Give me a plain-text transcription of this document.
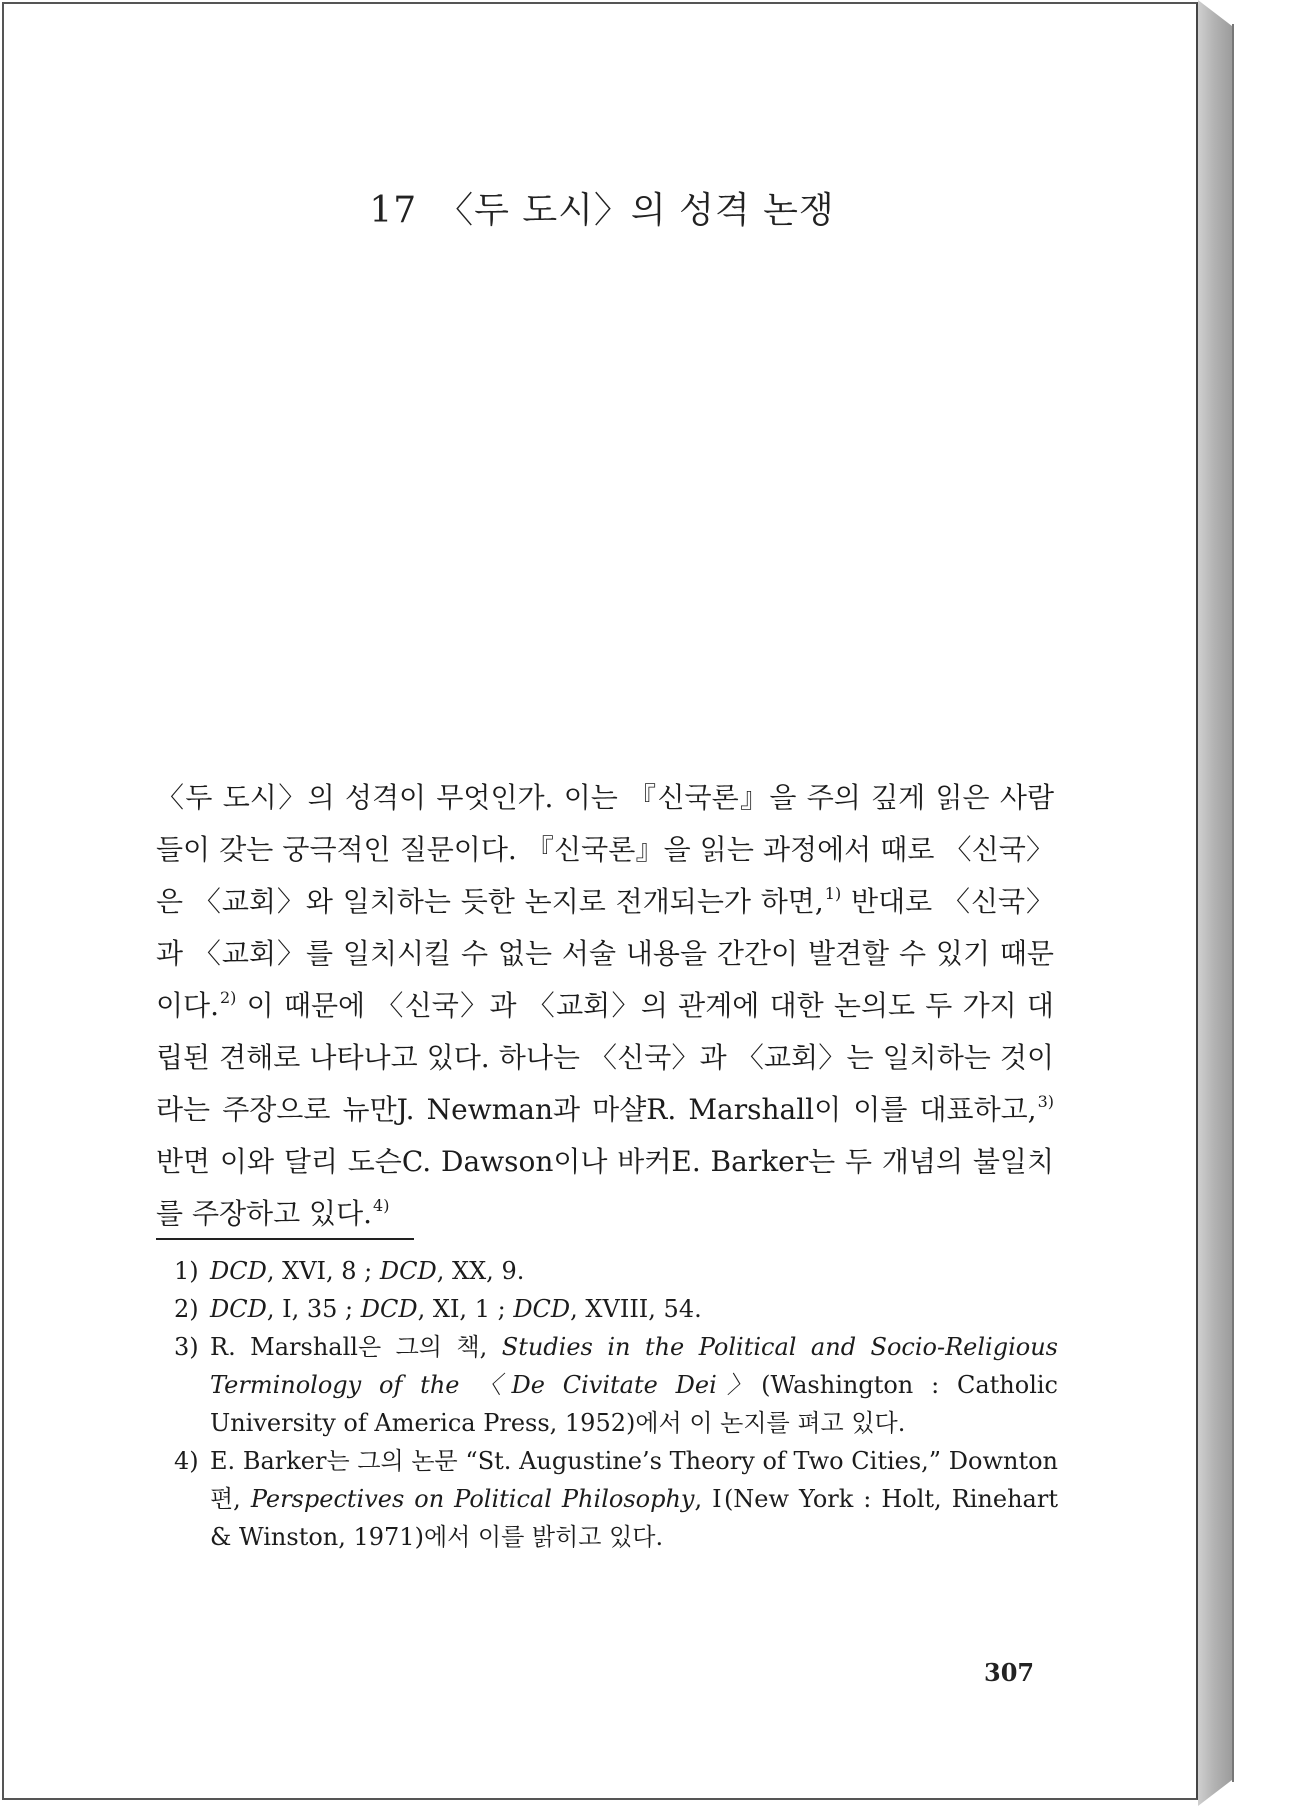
17 〈두 도시〉의 성격 논쟁
〈두 도시〉의 성격이 무엇인가. 이는 『신국론』을 주의 깊게 읽은 사람들이 갖는 궁극적인 질문이다. 『신국론』을 읽는 과정에서 때로 〈신국〉은 〈교회〉와 일치하는 듯한 논지로 전개되는가 하면,$^{1)}$ 반대로 〈신국〉과 〈교회〉를 일치시킬 수 없는 서술 내용을 간간이 발견할 수 있기 때문이다.$^{2)}$ 이 때문에 〈신국〉과 〈교회〉의 관계에 대한 논의도 두 가지 대립된 견해로 나타나고 있다. 하나는 〈신국〉과 〈교회〉는 일치하는 것이라는 주장으로 뉴만J. Newman과 마샬R. Marshall이 이를 대표하고,$^{3)}$ 반면 이와 달리 도슨C. Dawson이나 바커E. Barker는 두 개념의 불일치를 주장하고 있다.$^{4)}$
1) DCD, XVI, 8 ; DCD, XX, 9.
2) DCD, Ⅰ, 35 ; DCD, XI, 1 ; DCD, XVIII, 54.
3) R. Marshall은 그의 책, Studies in the Political and Socio-Religious Terminology of the 〈De Civitate Dei〉(Washington : Catholic University of America Press, 1952)에서 이 논지를 펴고 있다.
4) E. Barker는 그의 논문 “St. Augustine’s Theory of Two Cities,” Downton 편, Perspectives on Political Philosophy, Ⅰ(New York : Holt, Rinehart & Winston, 1971)에서 이를 밝히고 있다.
307
